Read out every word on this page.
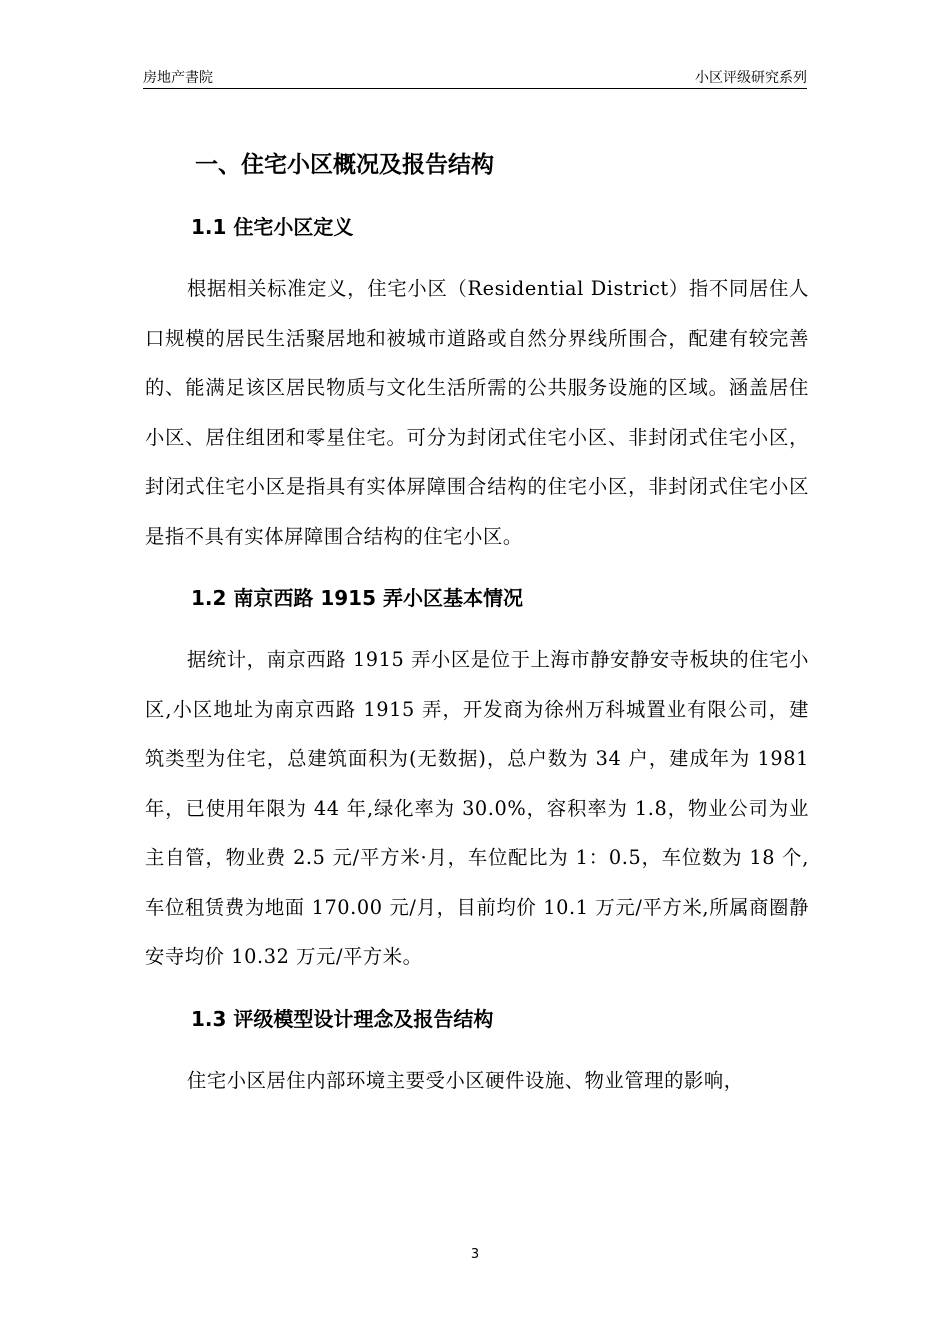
房地产書院	小区评级研究系列
一、住宅小区概况及报告结构
1.1 住宅小区定义

根据相关标准定义，住宅小区（Residential District）指不同居住人口规模的居民生活聚居地和被城市道路或自然分界线所围合，配建有较完善的、能满足该区居民物质与文化生活所需的公共服务设施的区域。涵盖居住小区、居住组团和零星住宅。可分为封闭式住宅小区、非封闭式住宅小区，封闭式住宅小区是指具有实体屏障围合结构的住宅小区，非封闭式住宅小区是指不具有实体屏障围合结构的住宅小区。

1.2 南京西路 1915 弄小区基本情况

据统计，南京西路 1915 弄小区是位于上海市静安静安寺板块的住宅小区,小区地址为南京西路 1915 弄，开发商为徐州万科城置业有限公司，建筑类型为住宅，总建筑面积为(无数据)，总户数为 34 户，建成年为 1981 年，已使用年限为 44 年,绿化率为 30.0%，容积率为 1.8，物业公司为业主自管，物业费 2.5 元/平方米·月，车位配比为 1：0.5，车位数为 18 个,车位租赁费为地面 170.00 元/月，目前均价 10.1 万元/平方米,所属商圈静安寺均价 10.32 万元/平方米。

1.3 评级模型设计理念及报告结构

住宅小区居住内部环境主要受小区硬件设施、物业管理的影响，

3
